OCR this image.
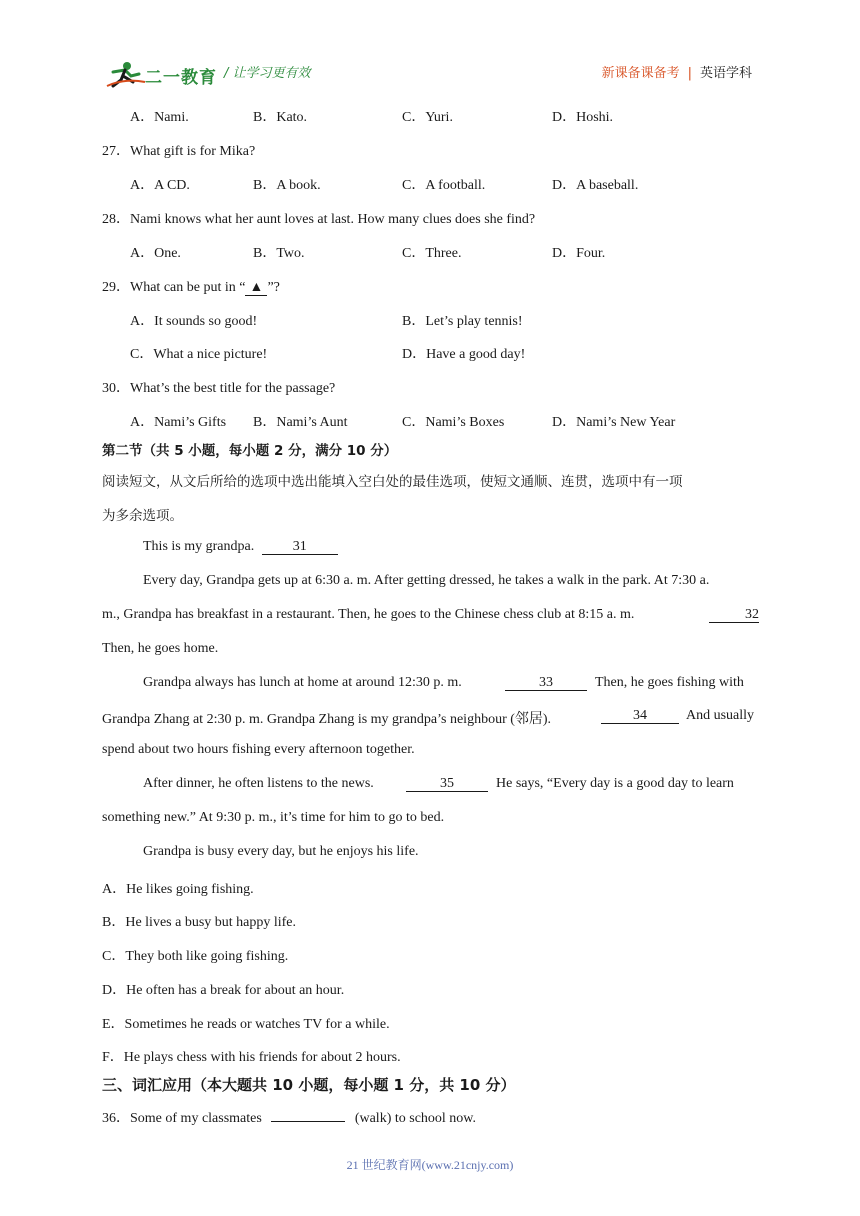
二一教育 / 让学习更有效	新课备课备考 | 英语学科
A．Nami.	B．Kato.	C．Yuri.	D．Hoshi.
27．What gift is for Mika?
A．A CD.	B．A book.	C．A football.	D．A baseball.
28．Nami knows what her aunt loves at last. How many clues does she find?
A．One.	B．Two.	C．Three.	D．Four.
29．What can be put in “ ▲ ”?
A．It sounds so good!	B．Let’s play tennis!
C．What a nice picture!	D．Have a good day!
30．What’s the best title for the passage?
A．Nami’s Gifts B．Nami’s Aunt	C．Nami’s Boxes	D．Nami’s New Year
第二节（共 5 小题，每小题 2 分，满分 10 分）
阅读短文，从文后所给的选项中选出能填入空白处的最佳选项，使短文通顺、连贯，选项中有一项
为多余选项。
This is my grandpa.	31
Every day, Grandpa gets up at 6:30 a. m. After getting dressed, he takes a walk in the park. At 7:30 a.
m., Grandpa has breakfast in a restaurant. Then, he goes to the Chinese chess club at 8:15 a. m.	32
Then, he goes home.
Grandpa always has lunch at home at around 12:30 p. m.	33	Then, he goes fishing with
Grandpa Zhang at 2:30 p. m. Grandpa Zhang is my grandpa’s neighbour (邻居).	34	And usually
spend about two hours fishing every afternoon together.
After dinner, he often listens to the news.	35	He says, “Every day is a good day to learn
something new.” At 9:30 p. m., it’s time for him to go to bed.
Grandpa is busy every day, but he enjoys his life.
A．He likes going fishing.
B．He lives a busy but happy life.
C．They both like going fishing.
D．He often has a break for about an hour.
E．Sometimes he reads or watches TV for a while.
F．He plays chess with his friends for about 2 hours.
三、词汇应用（本大题共 10 小题，每小题 1 分，共 10 分）
36．Some of my classmates	(walk) to school now.
21 世纪教育网(www.21cnjy.com)
